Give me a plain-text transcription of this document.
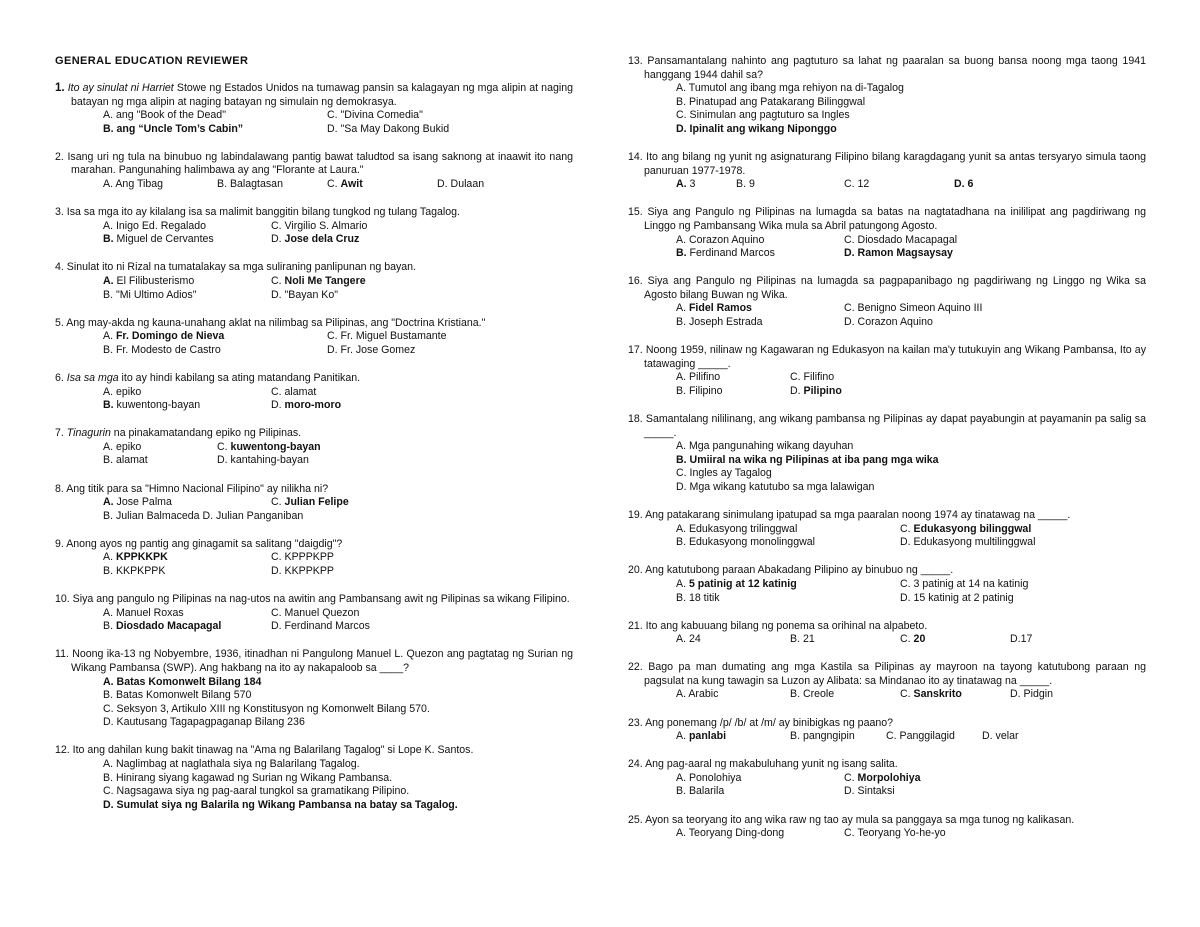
GENERAL EDUCATION REVIEWER
1. Ito ay sinulat ni Harriet Stowe ng Estados Unidos na tumawag pansin sa kalagayan ng mga alipin at naging batayan ng mga alipin at naging batayan ng simulain ng demokrasya.
A. ang "Book of the Dead"	C. "Divina Comedia"
B. ang “Uncle Tom’s Cabin”	D. "Sa May Dakong Bukid
2. Isang uri ng tula na binubuo ng labindalawang pantig bawat taludtod sa isang saknong at inaawit ito nang marahan. Pangunahing halimbawa ay ang "Florante at Laura."
A. Ang Tibag	B. Balagtasan	C. Awit	D. Dulaan
3. Isa sa mga ito ay kilalang isa sa malimit banggitin bilang tungkod ng tulang Tagalog.
A. Inigo Ed. Regalado	C. Virgilio S. Almario
B. Miguel de Cervantes	D. Jose dela Cruz
4. Sinulat ito ni Rizal na tumatalakay sa mga suliraning panlipunan ng bayan.
A. El Filibusterismo	C. Noli Me Tangere
B. "Mi Ultimo Adios"	D. "Bayan Ko"
5. Ang may-akda ng kauna-unahang aklat na nilimbag sa Pilipinas, ang "Doctrina Kristiana."
A. Fr. Domingo de Nieva	C. Fr. Miguel Bustamante
B. Fr. Modesto de Castro	D. Fr. Jose Gomez
6. Isa sa mga ito ay hindi kabilang sa ating matandang Panitikan.
A. epiko	C. alamat
B. kuwentong-bayan	D. moro-moro
7. Tinagurin na pinakamatandang epiko ng Pilipinas.
A. epiko	C. kuwentong-bayan
B. alamat	D. kantahing-bayan
8. Ang titik para sa "Himno Nacional Filipino" ay nilikha ni?
A. Jose Palma	C. Julian Felipe
B. Julian Balmaceda D. Julian Panganiban
9. Anong ayos ng pantig ang ginagamit sa salitang "daigdig"?
A. KPPKKPK	C. KPPPKPP
B. KKPKPPK	D. KKPPKPP
10. Siya ang pangulo ng Pilipinas na nag-utos na awitin ang Pambansang awit ng Pilipinas sa wikang Filipino.
A. Manuel Roxas	C. Manuel Quezon
B. Diosdado Macapagal	D. Ferdinand Marcos
11. Noong ika-13 ng Nobyembre, 1936, itinadhan ni Pangulong Manuel L. Quezon ang pagtatag ng Surian ng Wikang Pambansa (SWP). Ang hakbang na ito ay nakapaloob sa ____?
A. Batas Komonwelt Bilang 184
B. Batas Komonwelt Bilang 570
C. Seksyon 3, Artikulo XIII ng Konstitusyon ng Komonwelt Bilang 570.
D. Kautusang Tagapagpaganap Bilang 236
12. Ito ang dahilan kung bakit tinawag na "Ama ng Balarilang Tagalog" si Lope K. Santos.
A. Naglimbag at naglathala siya ng Balarilang Tagalog.
B. Hinirang siyang kagawad ng Surian ng Wikang Pambansa.
C. Nagsagawa siya ng pag-aaral tungkol sa gramatikang Pilipino.
D. Sumulat siya ng Balarila ng Wikang Pambansa na batay sa Tagalog.
13. Pansamantalang nahinto ang pagtuturo sa lahat ng paaralan sa buong bansa noong mga taong 1941 hanggang 1944 dahil sa?
A. Tumutol ang ibang mga rehiyon na di-Tagalog
B. Pinatupad ang Patakarang Bilinggwal
C. Sinimulan ang pagtuturo sa Ingles
D. Ipinalit ang wikang Niponggo
14. Ito ang bilang ng yunit ng asignaturang Filipino bilang karagdagang yunit sa antas tersyaryo simula taong panuruan 1977-1978.
A. 3	B. 9	C. 12	D. 6
15. Siya ang Pangulo ng Pilipinas na lumagda sa batas na nagtatadhana na inililipat ang pagdiriwang ng Linggo ng Pambansang Wika mula sa Abril patungong Agosto.
A. Corazon Aquino	C. Diosdado Macapagal
B. Ferdinand Marcos	D. Ramon Magsaysay
16. Siya ang Pangulo ng Pilipinas na lumagda sa pagpapanibago ng pagdiriwang ng Linggo ng Wika sa Agosto bilang Buwan ng Wika.
A. Fidel Ramos	C. Benigno Simeon Aquino III
B. Joseph Estrada	D. Corazon Aquino
17. Noong 1959, nilinaw ng Kagawaran ng Edukasyon na kailan ma'y tutukuyin ang Wikang Pambansa, Ito ay tatawaging _____.
A. Pilifino	C. Filifino
B. Filipino	D. Pilipino
18. Samantalang nililinang, ang wikang pambansa ng Pilipinas ay dapat payabungin at payamanin pa salig sa _____.
A. Mga pangunahing wikang dayuhan
B. Umiiral na wika ng Pilipinas at iba pang mga wika
C. Ingles ay Tagalog
D. Mga wikang katutubo sa mga lalawigan
19. Ang patakarang sinimulang ipatupad sa mga paaralan noong 1974 ay tinatawag na _____.
A. Edukasyong trilinggwal	C. Edukasyong bilinggwal
B. Edukasyong monolinggwal	D. Edukasyong multilinggwal
20. Ang katutubong paraan Abakadang Pilipino ay binubuo ng _____.
A. 5 patinig at 12 katinig	C. 3 patinig at 14 na katinig
B. 18 titik	D. 15 katinig at 2 patinig
21. Ito ang kabuuang bilang ng ponema sa orihinal na alpabeto.
A. 24	B. 21	C. 20	D.17
22. Bago pa man dumating ang mga Kastila sa Pilipinas ay mayroon na tayong katutubong paraan ng pagsulat na kung tawagin sa Luzon ay Alibata: sa Mindanao ito ay tinatawag na _____.
A. Arabic	B. Creole	C. Sanskrito	D. Pidgin
23. Ang ponemang /p/ /b/ at /m/ ay binibigkas ng paano?
A. panlabi	B. pangngipin	C. Panggilagid	D. velar
24. Ang pag-aaral ng makabuluhang yunit ng isang salita.
A. Ponolohiya	C. Morpolohiya
B. Balarila	D. Sintaksi
25. Ayon sa teoryang ito ang wika raw ng tao ay mula sa panggaya sa mga tunog ng kalikasan.
A. Teoryang Ding-dong	C. Teoryang Yo-he-yo
